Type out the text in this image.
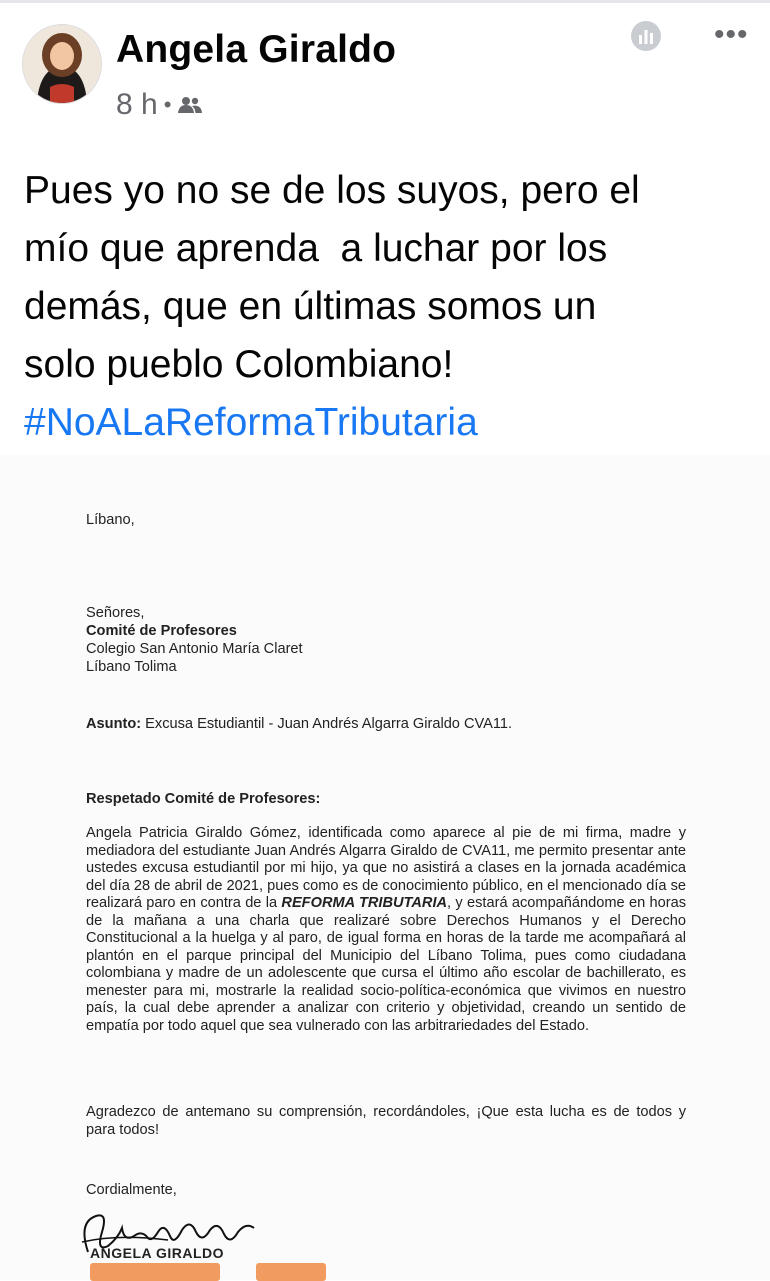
Angela Giraldo
8 h •
•••

Pues yo no se de los suyos, pero el

mío que aprenda  a luchar por los

demás, que en últimas somos un

solo pueblo Colombiano!

#NoALaReformaTributaria

Líbano,
Señores,
Comité de Profesores
Colegio San Antonio María Claret
Líbano Tolima
Asunto: Excusa Estudiantil - Juan Andrés Algarra Giraldo CVA11.
Respetado Comité de Profesores:
Angela Patricia Giraldo Gómez, identificada como aparece al pie de mi firma, madre y mediadora del estudiante Juan Andrés Algarra Giraldo de CVA11, me permito presentar ante ustedes excusa estudiantil por mi hijo, ya que no asistirá a clases en la jornada académica del día 28 de abril de 2021, pues como es de conocimiento público, en el mencionado día se realizará paro en contra de la REFORMA TRIBUTARIA, y estará acompañándome en horas de la mañana a una charla que realizaré sobre Derechos Humanos y el Derecho Constitucional a la huelga y al paro, de igual forma en horas de la tarde me acompañará al plantón en el parque principal del Municipio del Líbano Tolima, pues como ciudadana colombiana y madre de un adolescente que cursa el último año escolar de bachillerato, es menester para mi, mostrarle la realidad socio-política-económica que vivimos en nuestro país, la cual debe aprender a analizar con criterio y objetividad, creando un sentido de empatía por todo aquel que sea vulnerado con las arbitrariedades del Estado.
Agradezco de antemano su comprensión, recordándoles, ¡Que esta lucha es de todos y para todos!
Cordialmente,
ANGELA GIRALDO
